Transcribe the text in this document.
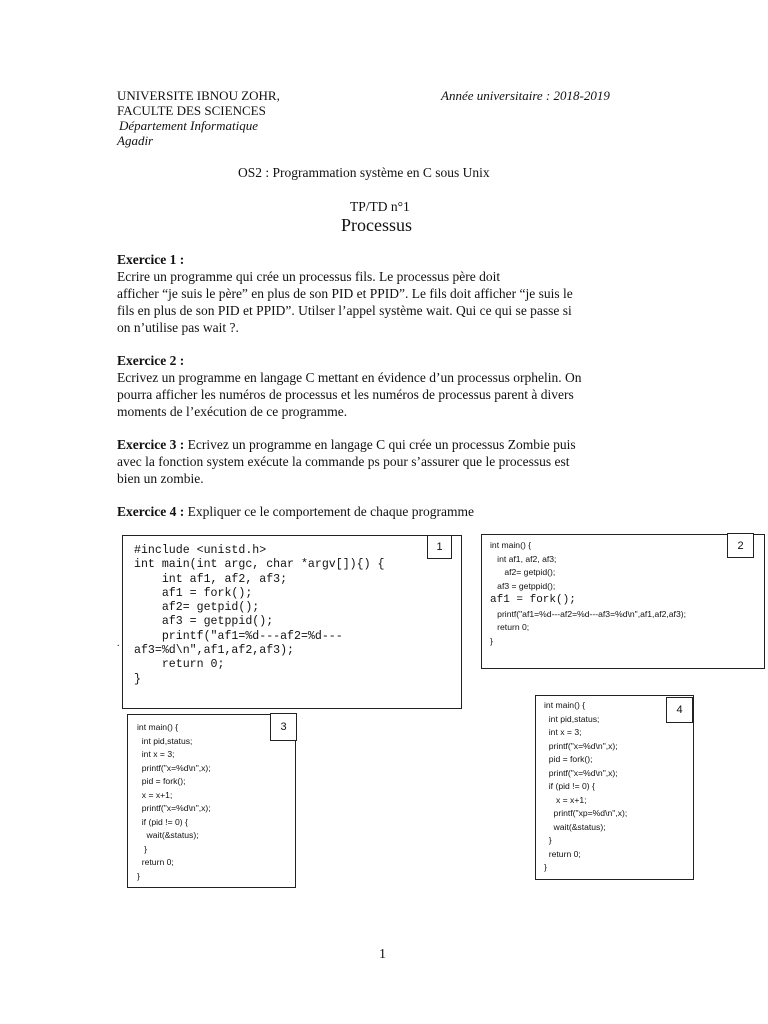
UNIVERSITE IBNOU ZOHR,
FACULTE DES SCIENCES
Département Informatique
Agadir
Année universitaire : 2018-2019
OS2 : Programmation système en C sous Unix
TP/TD n°1
Processus
Exercice 1 :
Ecrire un programme qui crée un processus fils. Le processus père doit
afficher “je suis le père” en plus de son PID et PPID”. Le fils doit afficher “je suis le
fils en plus de son PID et PPID”. Utilser l’appel système wait. Qui ce qui se passe si
on n’utilise pas wait ?.
Exercice 2 :
Ecrivez un programme en langage C mettant en évidence d’un processus orphelin. On
pourra afficher les numéros de processus et les numéros de processus parent à divers
moments de l’exécution de ce programme.
Exercice 3 : Ecrivez un programme en langage C qui crée un processus Zombie puis
avec la fonction system exécute la commande ps pour s’assurer que le processus est
bien un zombie.
Exercice 4 : Expliquer ce le comportement de chaque programme
#include <unistd.h>
int main(int argc, char *argv[]){) {
int af1, af2, af3;
af1 = fork();
af2= getpid();
af3 = getppid();
printf("af1=%d---af2=%d---
af3=%d\n",af1,af2,af3);
return 0;
}
1
.
int main() {
int af1, af2, af3;
af2= getpid();
af3 = getppid();
af1 = fork();
printf("af1=%d---af2=%d---af3=%d\n",af1,af2,af3);
return 0;
}
2
int main() {
int pid,status;
int x = 3;
printf("x=%d\n",x);
pid = fork();
x = x+1;
printf("x=%d\n",x);
if (pid != 0) {
wait(&status);
}
return 0;
}
3
int main() {
int pid,status;
int x = 3;
printf("x=%d\n",x);
pid = fork();
printf("x=%d\n",x);
if (pid != 0) {
x = x+1;
printf("xp=%d\n",x);
wait(&status);
}
return 0;
}
4
1
